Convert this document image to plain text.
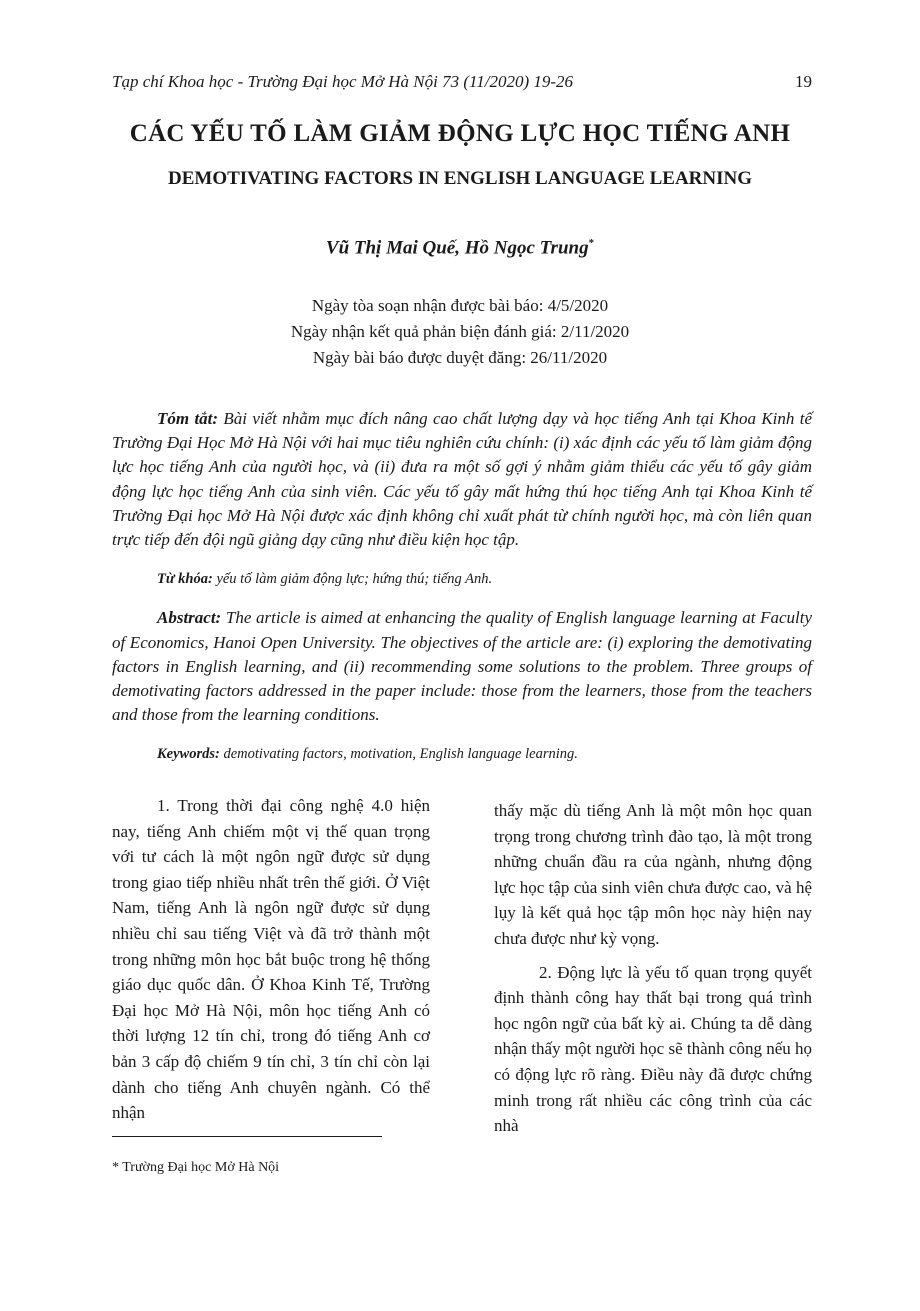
Tạp chí Khoa học - Trường Đại học Mở Hà Nội 73 (11/2020) 19-26	19
CÁC YẾU TỐ LÀM GIẢM ĐỘNG LỰC HỌC TIẾNG ANH
DEMOTIVATING FACTORS IN ENGLISH LANGUAGE LEARNING
Vũ Thị Mai Quế, Hồ Ngọc Trung*
Ngày tòa soạn nhận được bài báo: 4/5/2020
Ngày nhận kết quả phản biện đánh giá: 2/11/2020
Ngày bài báo được duyệt đăng: 26/11/2020

Tóm tắt: Bài viết nhằm mục đích nâng cao chất lượng dạy và học tiếng Anh tại Khoa Kinh tế Trường Đại Học Mở Hà Nội với hai mục tiêu nghiên cứu chính: (i) xác định các yếu tố làm giảm động lực học tiếng Anh của người học, và (ii) đưa ra một số gợi ý nhằm giảm thiểu các yếu tố gây giảm động lực học tiếng Anh của sinh viên. Các yếu tố gây mất hứng thú học tiếng Anh tại Khoa Kinh tế Trường Đại học Mở Hà Nội được xác định không chỉ xuất phát từ chính người học, mà còn liên quan trực tiếp đến đội ngũ giảng dạy cũng như điều kiện học tập.

Từ khóa: yếu tố làm giảm động lực; hứng thú; tiếng Anh.

Abstract: The article is aimed at enhancing the quality of English language learning at Faculty of Economics, Hanoi Open University. The objectives of the article are: (i) exploring the demotivating factors in English learning, and (ii) recommending some solutions to the problem. Three groups of demotivating factors addressed in the paper include: those from the learners, those from the teachers and those from the learning conditions.

Keywords: demotivating factors, motivation, English language learning.

1. Trong thời đại công nghệ 4.0 hiện nay, tiếng Anh chiếm một vị thế quan trọng với tư cách là một ngôn ngữ được sử dụng trong giao tiếp nhiều nhất trên thế giới. Ở Việt Nam, tiếng Anh là ngôn ngữ được sử dụng nhiều chỉ sau tiếng Việt và đã trở thành một trong những môn học bắt buộc trong hệ thống giáo dục quốc dân. Ở Khoa Kinh Tế, Trường Đại học Mở Hà Nội, môn học tiếng Anh có thời lượng 12 tín chỉ, trong đó tiếng Anh cơ bản 3 cấp độ chiếm 9 tín chỉ, 3 tín chỉ còn lại dành cho tiếng Anh chuyên ngành. Có thể nhận

thấy mặc dù tiếng Anh là một môn học quan trọng trong chương trình đào tạo, là một trong những chuẩn đầu ra của ngành, nhưng động lực học tập của sinh viên chưa được cao, và hệ lụy là kết quả học tập môn học này hiện nay chưa được như kỳ vọng.

2. Động lực là yếu tố quan trọng quyết định thành công hay thất bại trong quá trình học ngôn ngữ của bất kỳ ai. Chúng ta dễ dàng nhận thấy một người học sẽ thành công nếu họ có động lực rõ ràng. Điều này đã được chứng minh trong rất nhiều các công trình của các nhà

* Trường Đại học Mở Hà Nội
